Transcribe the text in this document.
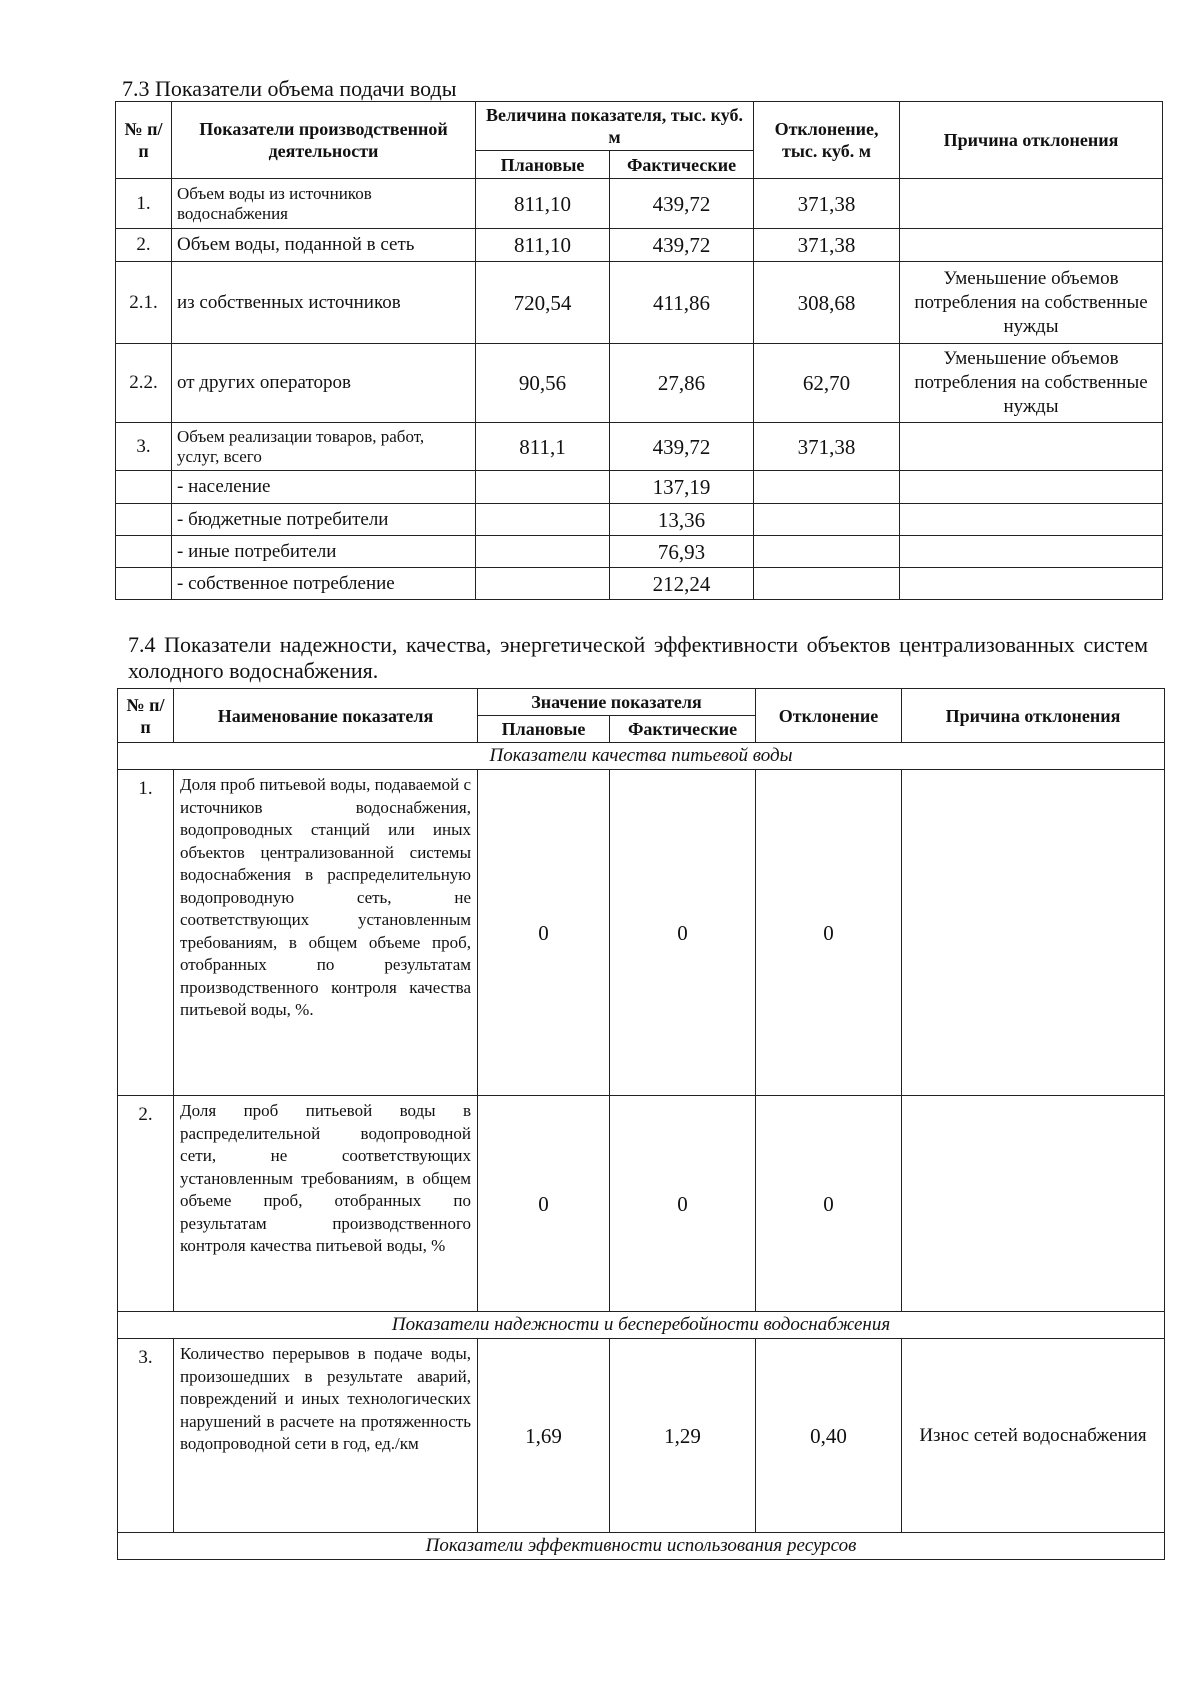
7.3 Показатели объема подачи воды
№ п/п	Показатели производственной деятельности	Величина показателя, тыс. куб. м		Отклонение, тыс. куб. м	Причина отклонения
		Плановые	Фактические		
1.	Объем воды из источников водоснабжения	811,10	439,72	371,38	
2.	Объем воды, поданной в сеть	811,10	439,72	371,38	
2.1.	из собственных источников	720,54	411,86	308,68	Уменьшение объемов потребления на собственные нужды
2.2.	от других операторов	90,56	27,86	62,70	Уменьшение объемов потребления на собственные нужды
3.	Объем реализации товаров, работ, услуг, всего	811,1	439,72	371,38	
	- население		137,19		
	- бюджетные потребители		13,36		
	- иные потребители		76,93		
	- собственное потребление		212,24		
7.4 Показатели надежности, качества, энергетической эффективности объектов централизованных систем холодного водоснабжения.
№ п/п	Наименование показателя	Значение показателя		Отклонение	Причина отклонения
		Плановые	Фактические		
Показатели качества питьевой воды					
1.	Доля проб питьевой воды, подаваемой с источников водоснабжения, водопроводных станций или иных объектов централизованной системы водоснабжения в распределительную водопроводную сеть, не соответствующих установленным требованиям, в общем объеме проб, отобранных по результатам производственного контроля качества питьевой воды, %.	0	0	0	
2.	Доля проб питьевой воды в распределительной водопроводной сети, не соответствующих установленным требованиям, в общем объеме проб, отобранных по результатам производственного контроля качества питьевой воды, %	0	0	0	
Показатели надежности и бесперебойности водоснабжения					
3.	Количество перерывов в подаче воды, произошедших в результате аварий, повреждений и иных технологических нарушений в расчете на протяженность водопроводной сети в год, ед./км	1,69	1,29	0,40	Износ сетей водоснабжения
Показатели эффективности использования ресурсов					
